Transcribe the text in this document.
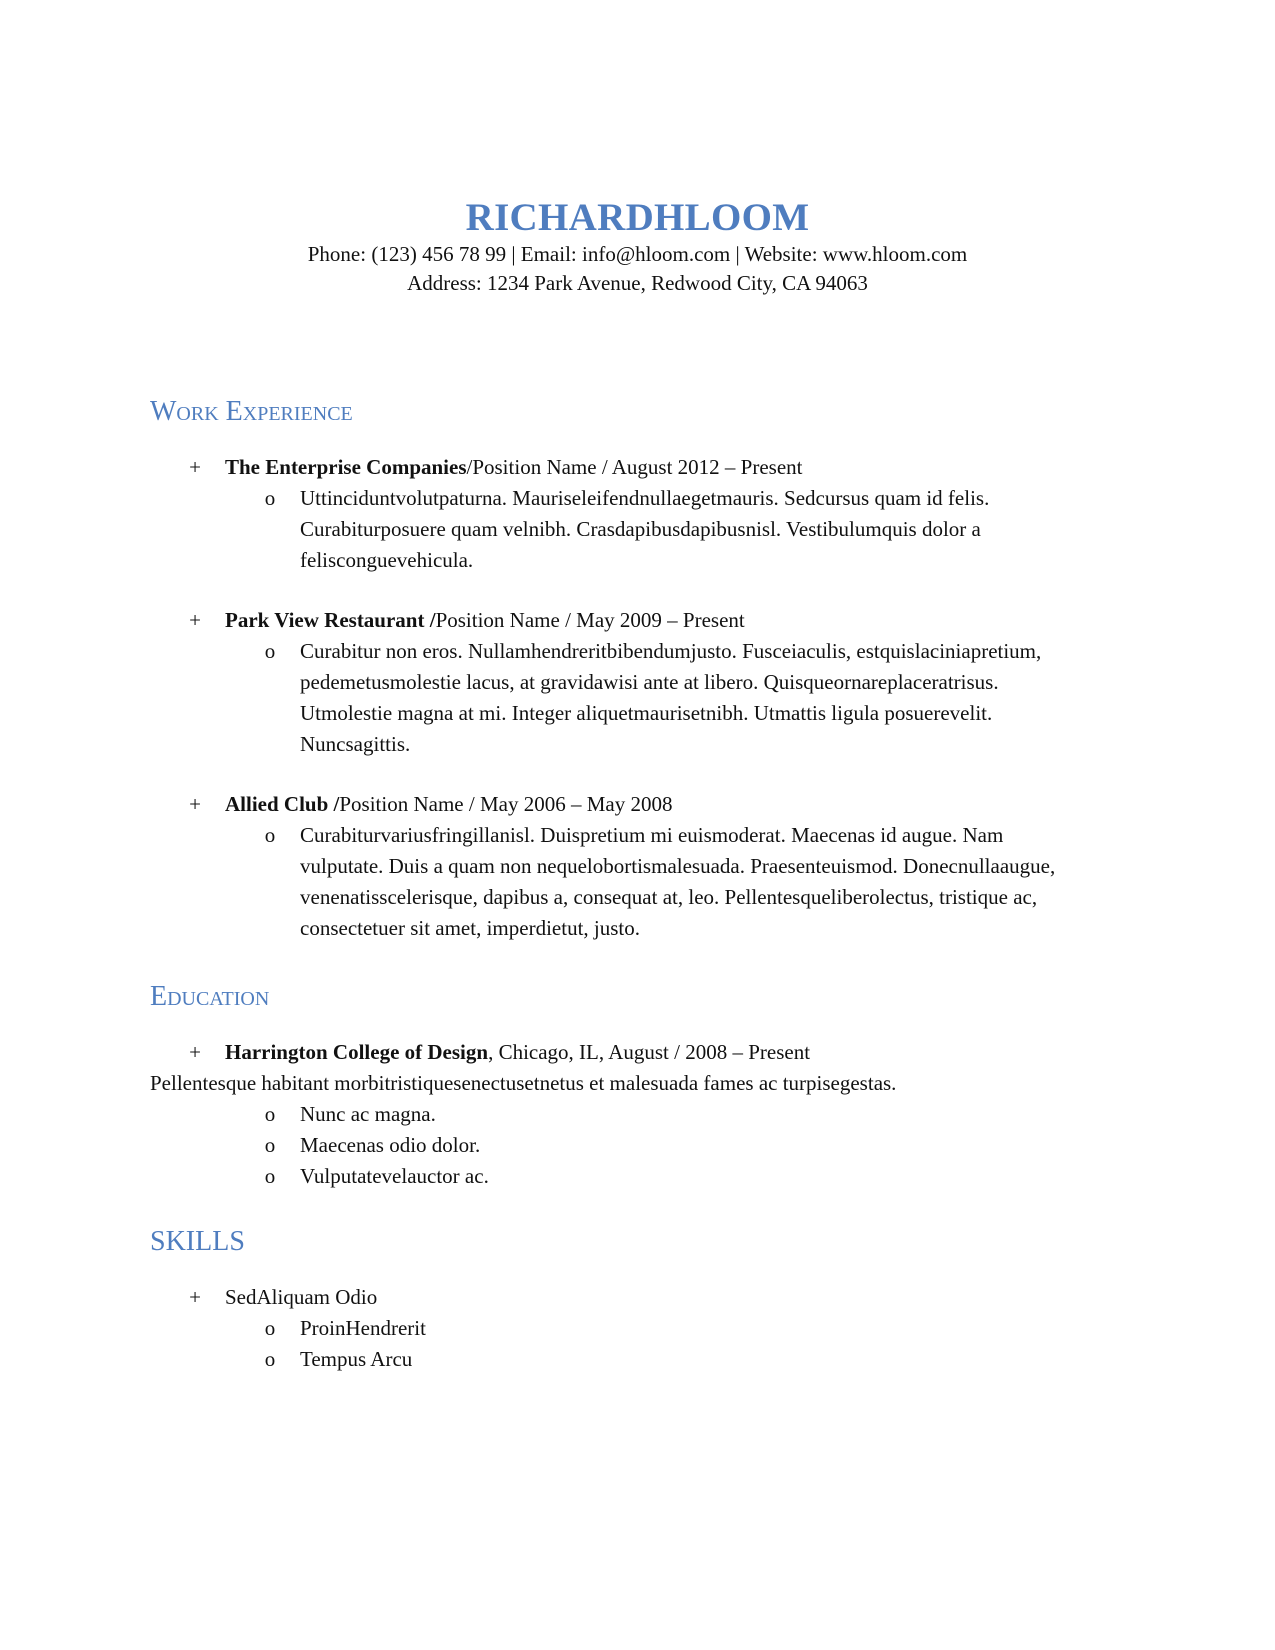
RICHARDHLOOM
Phone: (123) 456 78 99 | Email: info@hloom.com | Website: www.hloom.com
Address: 1234 Park Avenue, Redwood City, CA 94063
Work Experience
+ The Enterprise Companies/Position Name / August 2012 – Present
o Uttinciduntvolutpaturna. Mauriseleifendnullaegetmauris. Sedcursus quam id felis.
Curabiturposuere quam velnibh. Crasdapibusdapibusnisl. Vestibulumquis dolor a
felisconguevehicula.
+ Park View Restaurant /Position Name / May 2009 – Present
o Curabitur non eros. Nullamhendreritbibendumjusto. Fusceiaculis, estquislaciniapretium,
pedemetusmolestie lacus, at gravidawisi ante at libero. Quisqueornareplaceratrisus.
Utmolestie magna at mi. Integer aliquetmaurisetnibh. Utmattis ligula posuerevelit.
Nuncsagittis.
+ Allied Club /Position Name / May 2006 – May 2008
o Curabiturvariusfringillanisl. Duispretium mi euismoderat. Maecenas id augue. Nam
vulputate. Duis a quam non nequelobortismalesuada. Praesenteuismod. Donecnullaaugue,
venenatisscelerisque, dapibus a, consequat at, leo. Pellentesqueliberolectus, tristique ac,
consectetuer sit amet, imperdietut, justo.
Education
+ Harrington College of Design, Chicago, IL, August / 2008 – Present
Pellentesque habitant morbitristiquesenectusetnetus et malesuada fames ac turpisegestas.
o Nunc ac magna.
o Maecenas odio dolor.
o Vulputatevelauctor ac.
SKILLS
+ SedAliquam Odio
o ProinHendrerit
o Tempus Arcu
